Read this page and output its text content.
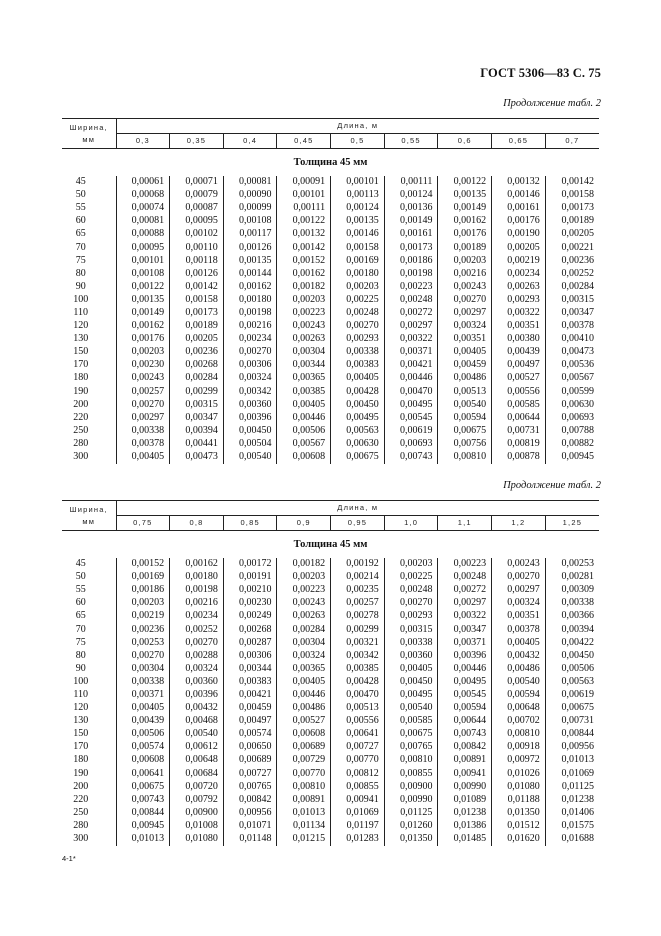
ГОСТ 5306—83 С. 75
Продолжение табл. 2
Ширина,
мм	Длина, м								
	0,3	0,35	0,4	0,45	0,5	0,55	0,6	0,65	0,7
Толщина 45 мм									
45	0,00061	0,00071	0,00081	0,00091	0,00101	0,00111	0,00122	0,00132	0,00142
50	0,00068	0,00079	0,00090	0,00101	0,00113	0,00124	0,00135	0,00146	0,00158
55	0,00074	0,00087	0,00099	0,00111	0,00124	0,00136	0,00149	0,00161	0,00173
60	0,00081	0,00095	0,00108	0,00122	0,00135	0,00149	0,00162	0,00176	0,00189
65	0,00088	0,00102	0,00117	0,00132	0,00146	0,00161	0,00176	0,00190	0,00205
70	0,00095	0,00110	0,00126	0,00142	0,00158	0,00173	0,00189	0,00205	0,00221
75	0,00101	0,00118	0,00135	0,00152	0,00169	0,00186	0,00203	0,00219	0,00236
80	0,00108	0,00126	0,00144	0,00162	0,00180	0,00198	0,00216	0,00234	0,00252
90	0,00122	0,00142	0,00162	0,00182	0,00203	0,00223	0,00243	0,00263	0,00284
100	0,00135	0,00158	0,00180	0,00203	0,00225	0,00248	0,00270	0,00293	0,00315
110	0,00149	0,00173	0,00198	0,00223	0,00248	0,00272	0,00297	0,00322	0,00347
120	0,00162	0,00189	0,00216	0,00243	0,00270	0,00297	0,00324	0,00351	0,00378
130	0,00176	0,00205	0,00234	0,00263	0,00293	0,00322	0,00351	0,00380	0,00410
150	0,00203	0,00236	0,00270	0,00304	0,00338	0,00371	0,00405	0,00439	0,00473
170	0,00230	0,00268	0,00306	0,00344	0,00383	0,00421	0,00459	0,00497	0,00536
180	0,00243	0,00284	0,00324	0,00365	0,00405	0,00446	0,00486	0,00527	0,00567
190	0,00257	0,00299	0,00342	0,00385	0,00428	0,00470	0,00513	0,00556	0,00599
200	0,00270	0,00315	0,00360	0,00405	0,00450	0,00495	0,00540	0,00585	0,00630
220	0,00297	0,00347	0,00396	0,00446	0,00495	0,00545	0,00594	0,00644	0,00693
250	0,00338	0,00394	0,00450	0,00506	0,00563	0,00619	0,00675	0,00731	0,00788
280	0,00378	0,00441	0,00504	0,00567	0,00630	0,00693	0,00756	0,00819	0,00882
300	0,00405	0,00473	0,00540	0,00608	0,00675	0,00743	0,00810	0,00878	0,00945
Продолжение табл. 2
Ширина,
мм	Длина, м								
	0,75	0,8	0,85	0,9	0,95	1,0	1,1	1,2	1,25
Толщина 45 мм									
45	0,00152	0,00162	0,00172	0,00182	0,00192	0,00203	0,00223	0,00243	0,00253
50	0,00169	0,00180	0,00191	0,00203	0,00214	0,00225	0,00248	0,00270	0,00281
55	0,00186	0,00198	0,00210	0,00223	0,00235	0,00248	0,00272	0,00297	0,00309
60	0,00203	0,00216	0,00230	0,00243	0,00257	0,00270	0,00297	0,00324	0,00338
65	0,00219	0,00234	0,00249	0,00263	0,00278	0,00293	0,00322	0,00351	0,00366
70	0,00236	0,00252	0,00268	0,00284	0,00299	0,00315	0,00347	0,00378	0,00394
75	0,00253	0,00270	0,00287	0,00304	0,00321	0,00338	0,00371	0,00405	0,00422
80	0,00270	0,00288	0,00306	0,00324	0,00342	0,00360	0,00396	0,00432	0,00450
90	0,00304	0,00324	0,00344	0,00365	0,00385	0,00405	0,00446	0,00486	0,00506
100	0,00338	0,00360	0,00383	0,00405	0,00428	0,00450	0,00495	0,00540	0,00563
110	0,00371	0,00396	0,00421	0,00446	0,00470	0,00495	0,00545	0,00594	0,00619
120	0,00405	0,00432	0,00459	0,00486	0,00513	0,00540	0,00594	0,00648	0,00675
130	0,00439	0,00468	0,00497	0,00527	0,00556	0,00585	0,00644	0,00702	0,00731
150	0,00506	0,00540	0,00574	0,00608	0,00641	0,00675	0,00743	0,00810	0,00844
170	0,00574	0,00612	0,00650	0,00689	0,00727	0,00765	0,00842	0,00918	0,00956
180	0,00608	0,00648	0,00689	0,00729	0,00770	0,00810	0,00891	0,00972	0,01013
190	0,00641	0,00684	0,00727	0,00770	0,00812	0,00855	0,00941	0,01026	0,01069
200	0,00675	0,00720	0,00765	0,00810	0,00855	0,00900	0,00990	0,01080	0,01125
220	0,00743	0,00792	0,00842	0,00891	0,00941	0,00990	0,01089	0,01188	0,01238
250	0,00844	0,00900	0,00956	0,01013	0,01069	0,01125	0,01238	0,01350	0,01406
280	0,00945	0,01008	0,01071	0,01134	0,01197	0,01260	0,01386	0,01512	0,01575
300	0,01013	0,01080	0,01148	0,01215	0,01283	0,01350	0,01485	0,01620	0,01688
4-1*
